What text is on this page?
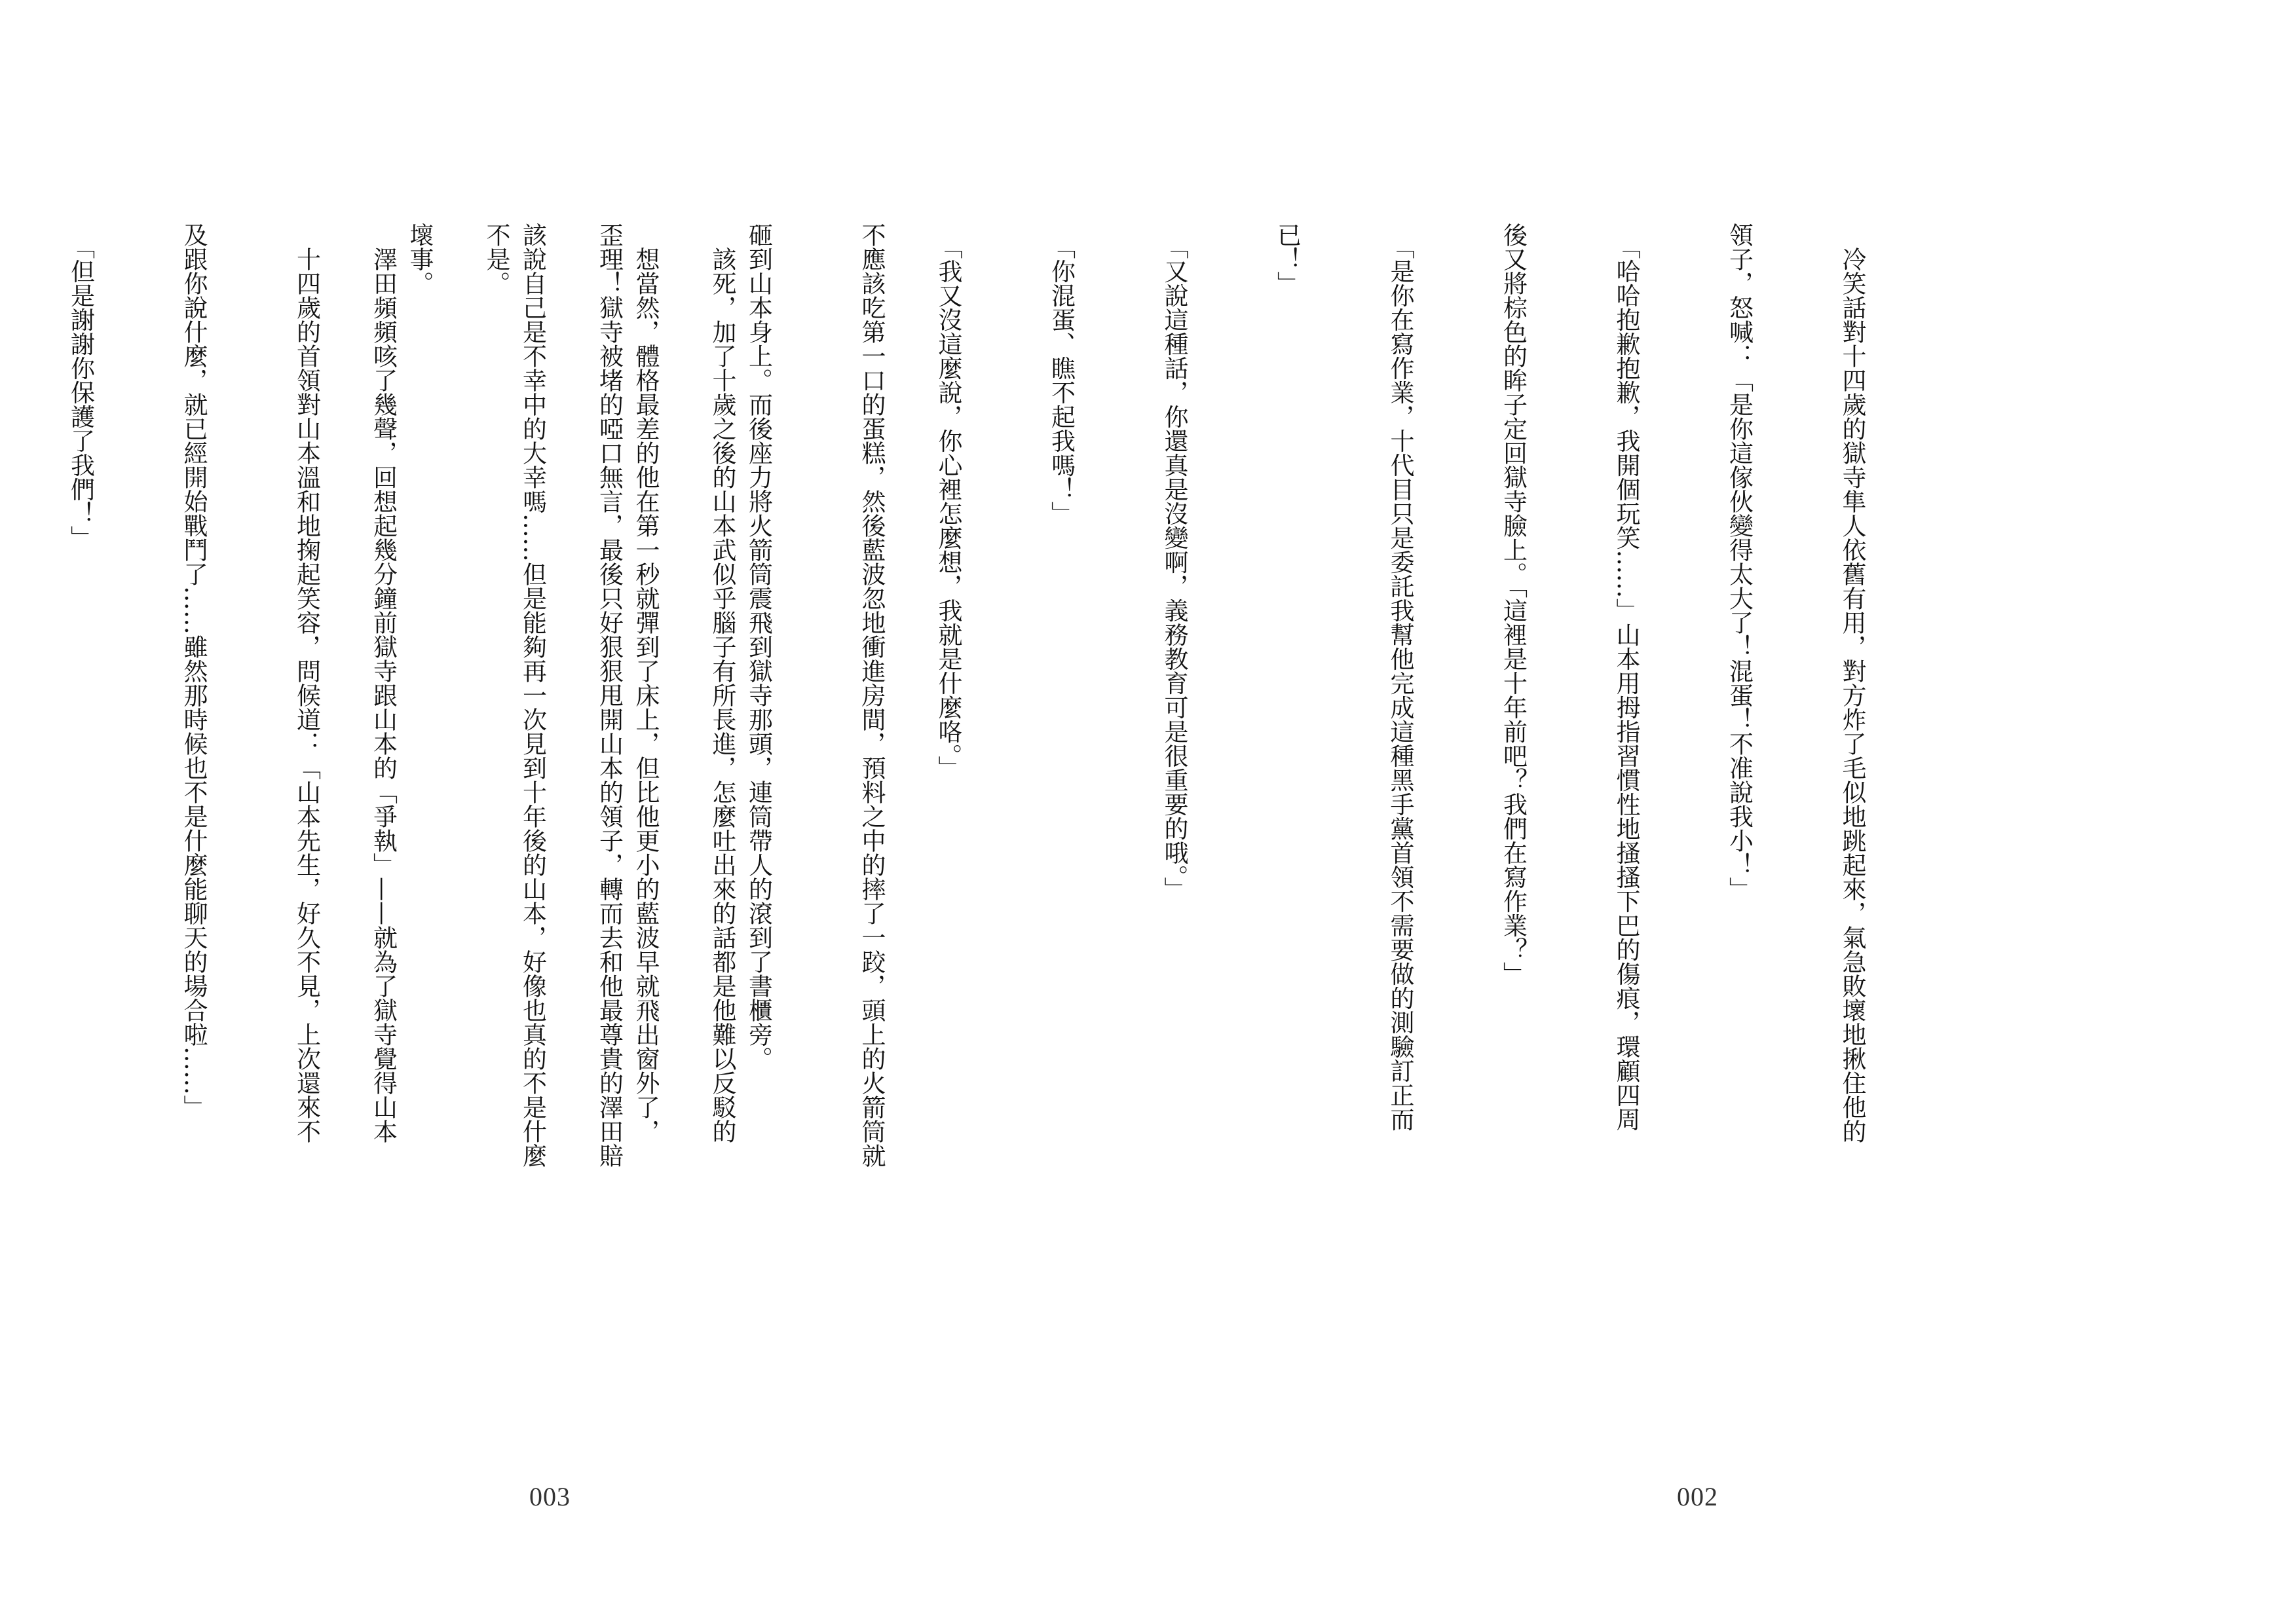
不應該吃第一口的蛋糕，然後藍波忽地衝進房間，預料之中的摔了一跤，頭上的火箭筒就

砸到山本身上。而後座力將火箭筒震飛到獄寺那頭，連筒帶人的滾到了書櫃旁。

　想當然，體格最差的他在第一秒就彈到了床上，但比他更小的藍波早就飛出窗外了，

該說自己是不幸中的大幸嗎……但是能夠再一次見到十年後的山本，好像也真的不是什麼

壞事。

　十四歲的首領對山本溫和地掬起笑容，問候道：「山本先生，好久不見，上次還來不

及跟你說什麼，就已經開始戰鬥了……雖然那時候也不是什麼能聊天的場合啦……」

　「但是謝謝你保護了我們！」

003

　冷笑話對十四歲的獄寺隼人依舊有用，對方炸了毛似地跳起來，氣急敗壞地揪住他的

領子，怒喊：「是你這傢伙變得太大了！混蛋！不准說我小！」

　「哈哈抱歉抱歉，我開個玩笑……」山本用拇指習慣性地搔搔下巴的傷痕，環顧四周

後又將棕色的眸子定回獄寺臉上。「這裡是十年前吧？我們在寫作業？」

　「是你在寫作業，十代目只是委託我幫他完成這種黑手黨首領不需要做的測驗訂正而

已！」

　「又說這種話，你還真是沒變啊，義務教育可是很重要的哦。」

　「你混蛋、瞧不起我嗎！」

　「我又沒這麼說，你心裡怎麼想，我就是什麼咯。」

　該死，加了十歲之後的山本武似乎腦子有所長進，怎麼吐出來的話都是他難以反駁的

歪理！獄寺被堵的啞口無言，最後只好狠狠甩開山本的領子，轉而去和他最尊貴的澤田賠

不是。

　澤田頻頻咳了幾聲，回想起幾分鐘前獄寺跟山本的「爭執」——就為了獄寺覺得山本

002
